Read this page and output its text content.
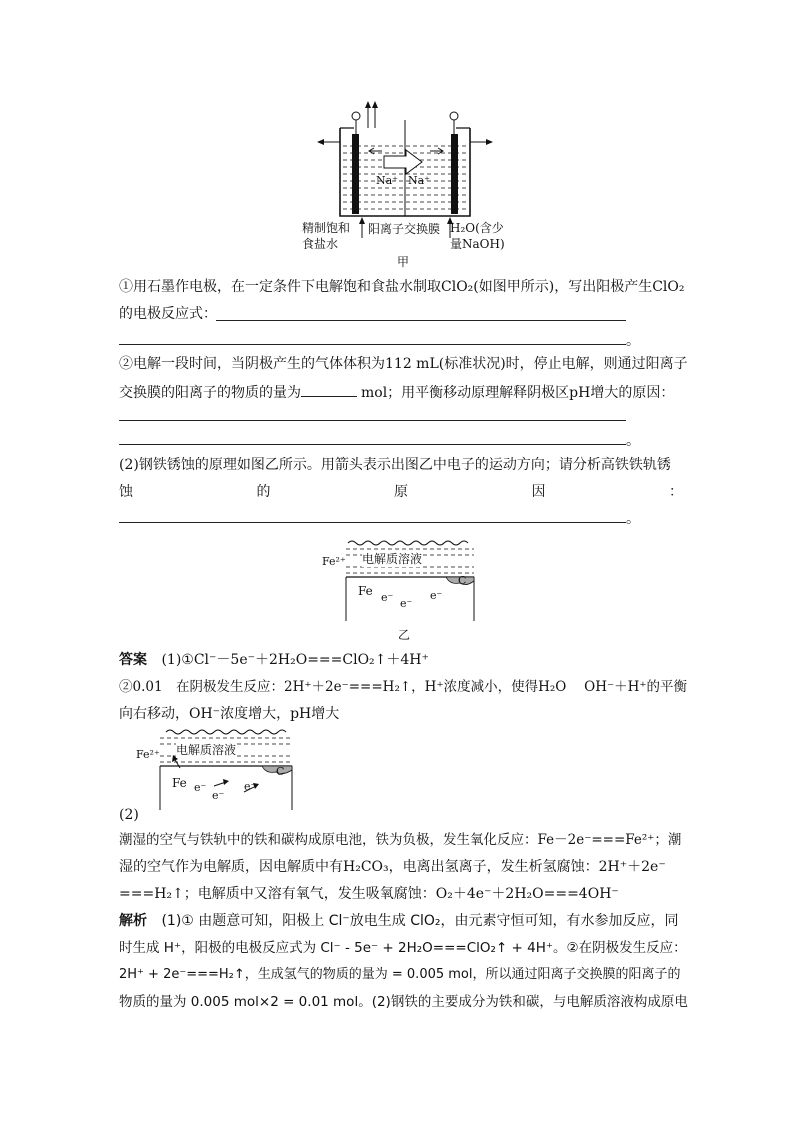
Na⁺ Na⁺
精制饱和
食盐水
阳离子交换膜 H₂O(含少
量NaOH)
甲
①用石墨作电极，在一定条件下电解饱和食盐水制取ClO₂(如图甲所示)，写出阳极产生ClO₂
的电极反应式：
。
②电解一段时间，当阴极产生的气体体积为112 mL(标准状况)时，停止电解，则通过阳离子
交换膜的阳离子的物质的量为	mol；用平衡移动原理解释阴极区pH增大的原因：
。
(2)钢铁锈蚀的原理如图乙所示。用箭头表示出图乙中电子的运动方向；请分析高铁铁轨锈
蚀	的	原	因	：
。
Fe²⁺ 电解质溶液
Fe e⁻ e⁻
e⁻
C
乙
答案 (1)①Cl⁻－5e⁻＋2H₂O===ClO₂↑＋4H⁺
②0.01　在阴极发生反应：2H⁺＋2e⁻===H₂↑，H⁺浓度减小，使得H₂O　 OH⁻＋H⁺的平衡
向右移动，OH⁻浓度增大，pH增大
Fe²⁺ 电解质溶液
Fe e⁻
e⁻
e⁻
C
(2)
潮湿的空气与铁轨中的铁和碳构成原电池，铁为负极，发生氧化反应：Fe－2e⁻===Fe²⁺；潮
湿的空气作为电解质，因电解质中有H₂CO₃，电离出氢离子，发生析氢腐蚀：2H⁺＋2e⁻
===H₂↑；电解质中又溶有氧气，发生吸氧腐蚀：O₂＋4e⁻＋2H₂O===4OH⁻
解析 (1)① 由题意可知，阳极上 Cl⁻放电生成 ClO₂，由元素守恒可知，有水参加反应，同
时生成 H⁺，阳极的电极反应式为 Cl⁻ - 5e⁻ + 2H₂O===ClO₂↑ + 4H⁺。②在阴极发生反应：
2H⁺ + 2e⁻===H₂↑，生成氢气的物质的量为 = 0.005 mol，所以通过阳离子交换膜的阳离子的
物质的量为 0.005 mol×2 = 0.01 mol。(2)钢铁的主要成分为铁和碳，与电解质溶液构成原电
